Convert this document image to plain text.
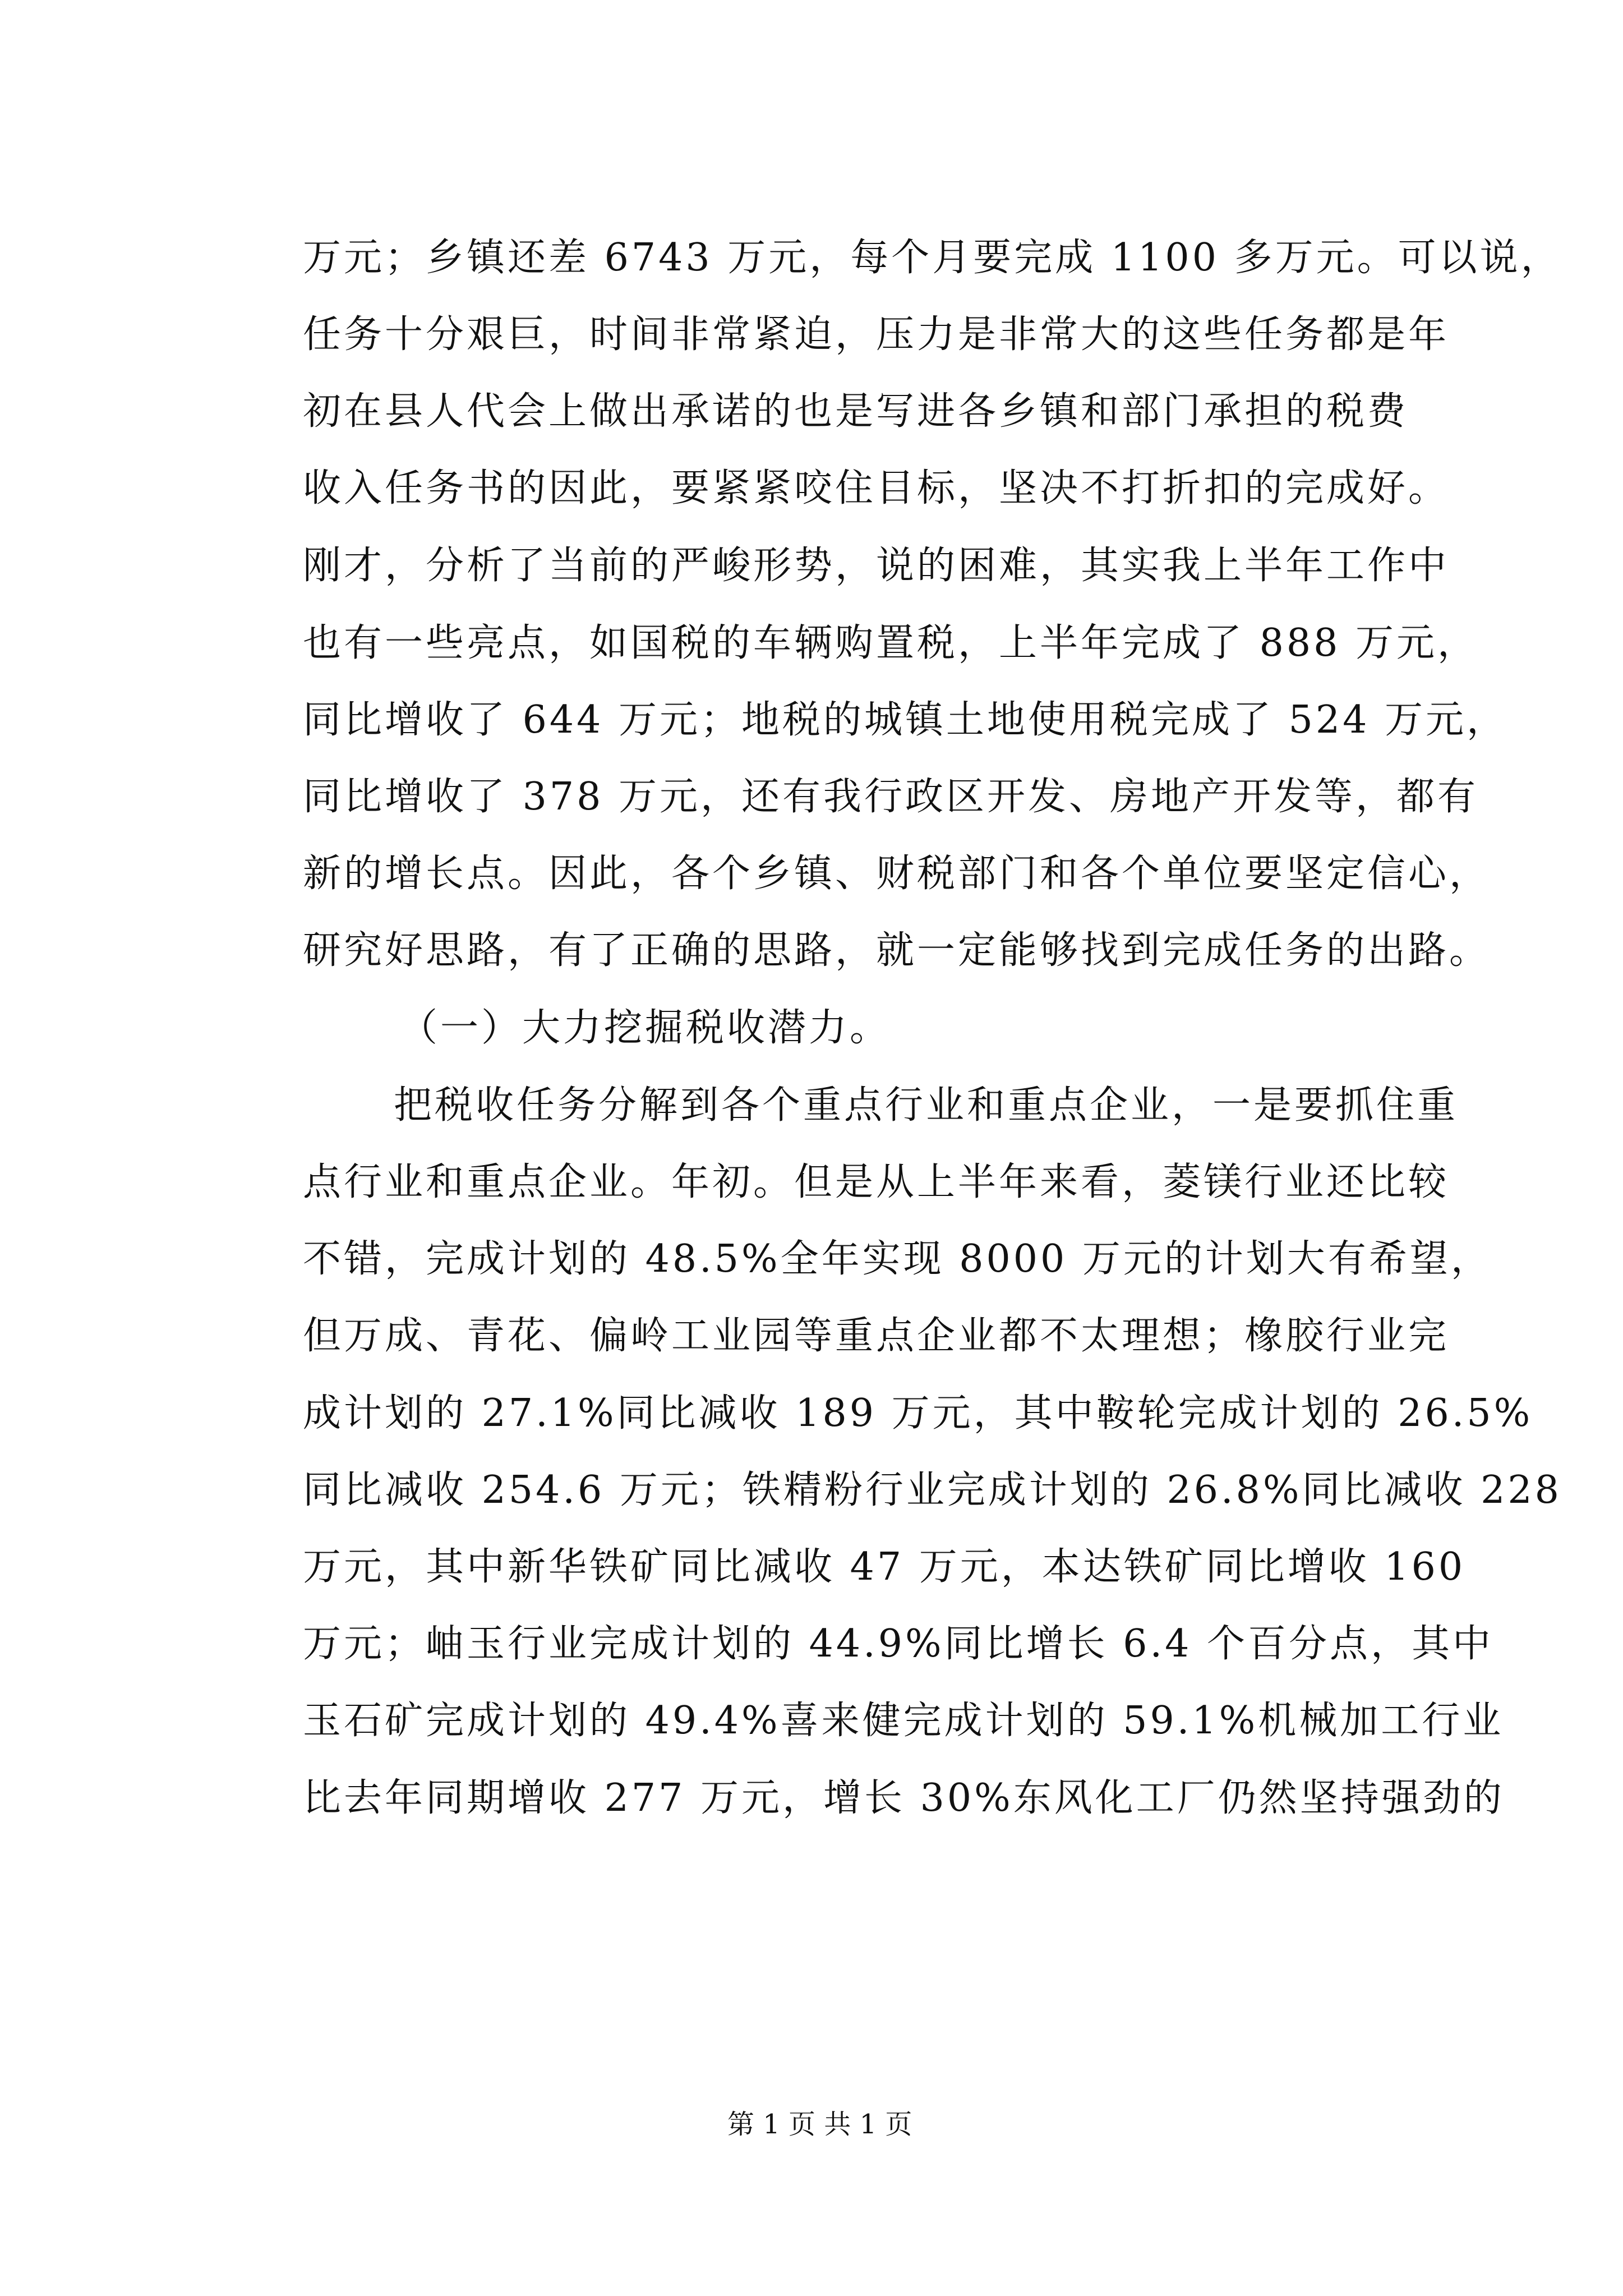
万元；乡镇还差 6743 万元，每个月要完成 1100 多万元。可以说，
任务十分艰巨，时间非常紧迫，压力是非常大的这些任务都是年
初在县人代会上做出承诺的也是写进各乡镇和部门承担的税费
收入任务书的因此，要紧紧咬住目标，坚决不打折扣的完成好。
刚才，分析了当前的严峻形势，说的困难，其实我上半年工作中
也有一些亮点，如国税的车辆购置税，上半年完成了 888 万元，
同比增收了 644 万元；地税的城镇土地使用税完成了 524 万元，
同比增收了 378 万元，还有我行政区开发、房地产开发等，都有
新的增长点。因此，各个乡镇、财税部门和各个单位要坚定信心，
研究好思路，有了正确的思路，就一定能够找到完成任务的出路。
（一）大力挖掘税收潜力。
把税收任务分解到各个重点行业和重点企业，一是要抓住重
点行业和重点企业。年初。但是从上半年来看，菱镁行业还比较
不错，完成计划的 48.5%全年实现 8000 万元的计划大有希望，
但万成、青花、偏岭工业园等重点企业都不太理想；橡胶行业完
成计划的 27.1%同比减收 189 万元，其中鞍轮完成计划的 26.5%
同比减收 254.6 万元；铁精粉行业完成计划的 26.8%同比减收 228
万元，其中新华铁矿同比减收 47 万元，本达铁矿同比增收 160
万元；岫玉行业完成计划的 44.9%同比增长 6.4 个百分点，其中
玉石矿完成计划的 49.4%喜来健完成计划的 59.1%机械加工行业
比去年同期增收 277 万元，增长 30%东风化工厂仍然坚持强劲的
第 1 页 共 1 页
